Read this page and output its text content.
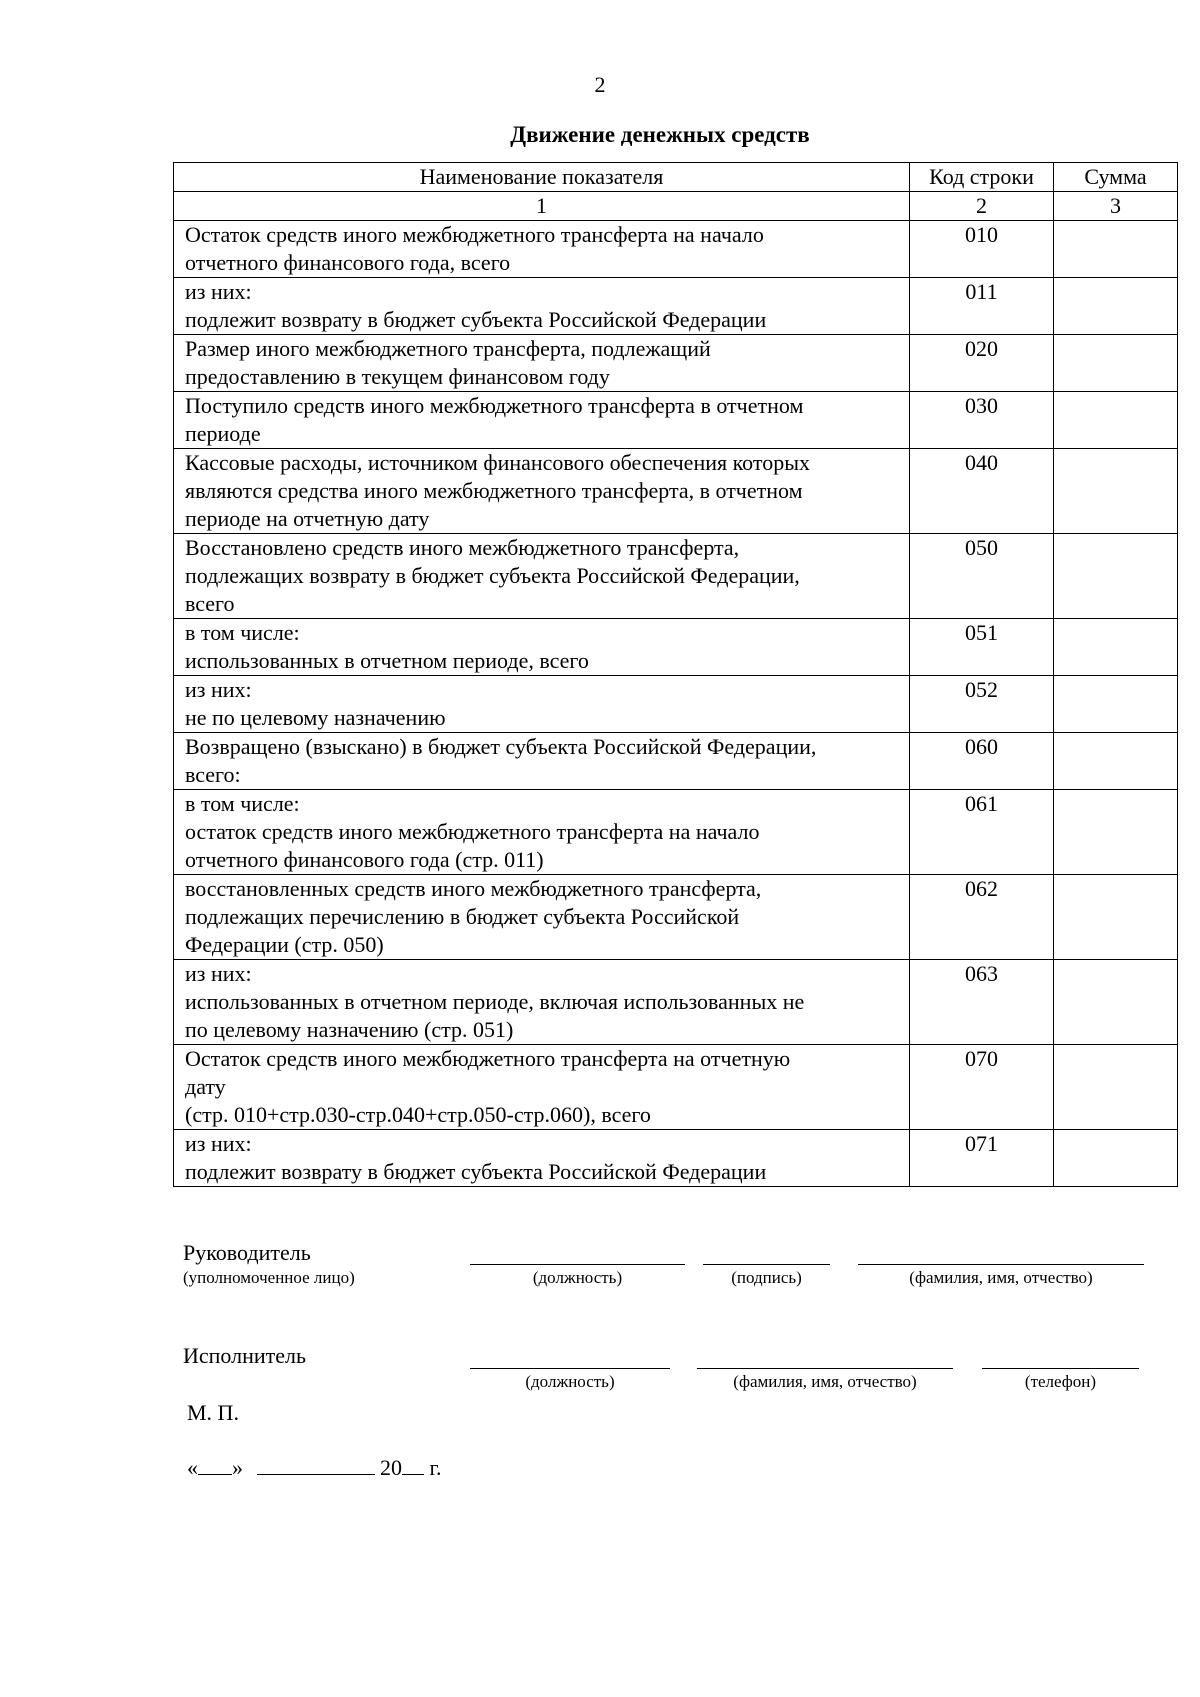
2
Движение денежных средств
Наименование показателя	Код строки	Сумма
1	2	3
Остаток средств иного межбюджетного трансферта на начало
отчетного финансового года, всего	010	
из них:
подлежит возврату в бюджет субъекта Российской Федерации	011	
Размер иного межбюджетного трансферта, подлежащий
предоставлению в текущем финансовом году	020	
Поступило средств иного межбюджетного трансферта в отчетном
периоде	030	
Кассовые расходы, источником финансового обеспечения которых
являются средства иного межбюджетного трансферта, в отчетном
периоде на отчетную дату	040	
Восстановлено средств иного межбюджетного трансферта,
подлежащих возврату в бюджет субъекта Российской Федерации,
всего	050	
в том числе:
использованных в отчетном периоде, всего	051	
из них:
не по целевому назначению	052	
Возвращено (взыскано) в бюджет субъекта Российской Федерации,
всего:	060	
в том числе:
остаток средств иного межбюджетного трансферта на начало
отчетного финансового года (стр. 011)	061	
восстановленных средств иного межбюджетного трансферта,
подлежащих перечислению в бюджет субъекта Российской
Федерации (стр. 050)	062	
из них:
использованных в отчетном периоде, включая использованных не
по целевому назначению (стр. 051)	063	
Остаток средств иного межбюджетного трансферта на отчетную
дату
(стр. 010+стр.030-стр.040+стр.050-стр.060), всего	070	
из них:
подлежит возврату в бюджет субъекта Российской Федерации	071	
Руководитель
(уполномоченное лицо)	(должность)	(подпись)	(фамилия, имя, отчество)
Исполнитель
(должность)	(фамилия, имя, отчество)	(телефон)
М. П.
« »	20 г.
